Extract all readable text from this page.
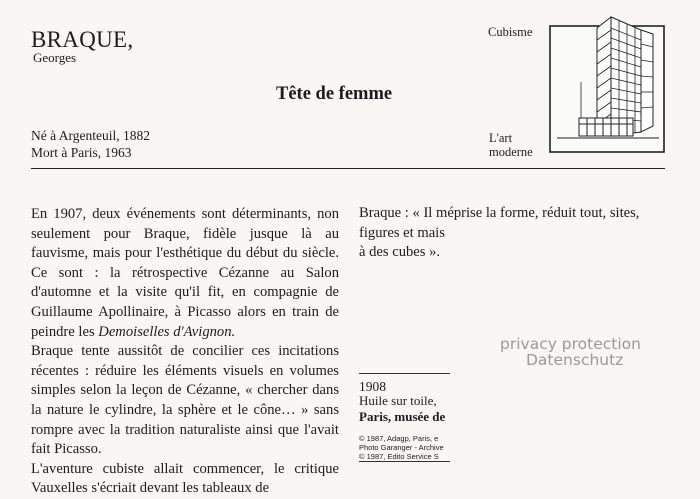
BRAQUE,
Georges
Cubisme
L'art
moderne
Tête de femme
Né à Argenteuil, 1882
Mort à Paris, 1963

En 1907, deux événements sont déterminants, non seulement pour Braque, fidèle jusque là au fauvisme, mais pour l'esthétique du début du siècle. Ce sont : la rétrospective Cézanne au Salon d'automne et la visite qu'il fit, en compagnie de Guillaume Apollinaire, à Picasso alors en train de peindre les Demoiselles d'Avignon.

Braque tente aussitôt de concilier ces incitations récentes : réduire les éléments visuels en volumes simples selon la leçon de Cézanne, « chercher dans la nature le cylindre, la sphère et le cône… » sans rompre avec la tradition naturaliste ainsi que l'avait fait Picasso.

L'aventure cubiste allait commencer, le critique Vauxelles s'écriait devant les tableaux de

Braque : « Il méprise la forme, réduit tout, sites,
figures et mais
à des cubes ».
1908
Huile sur toile,
Paris, musée de
© 1987, Adagp, Paris, e
Photo Garanger - Archive
© 1987, Edito Service S
privacy protection
Datenschutz
